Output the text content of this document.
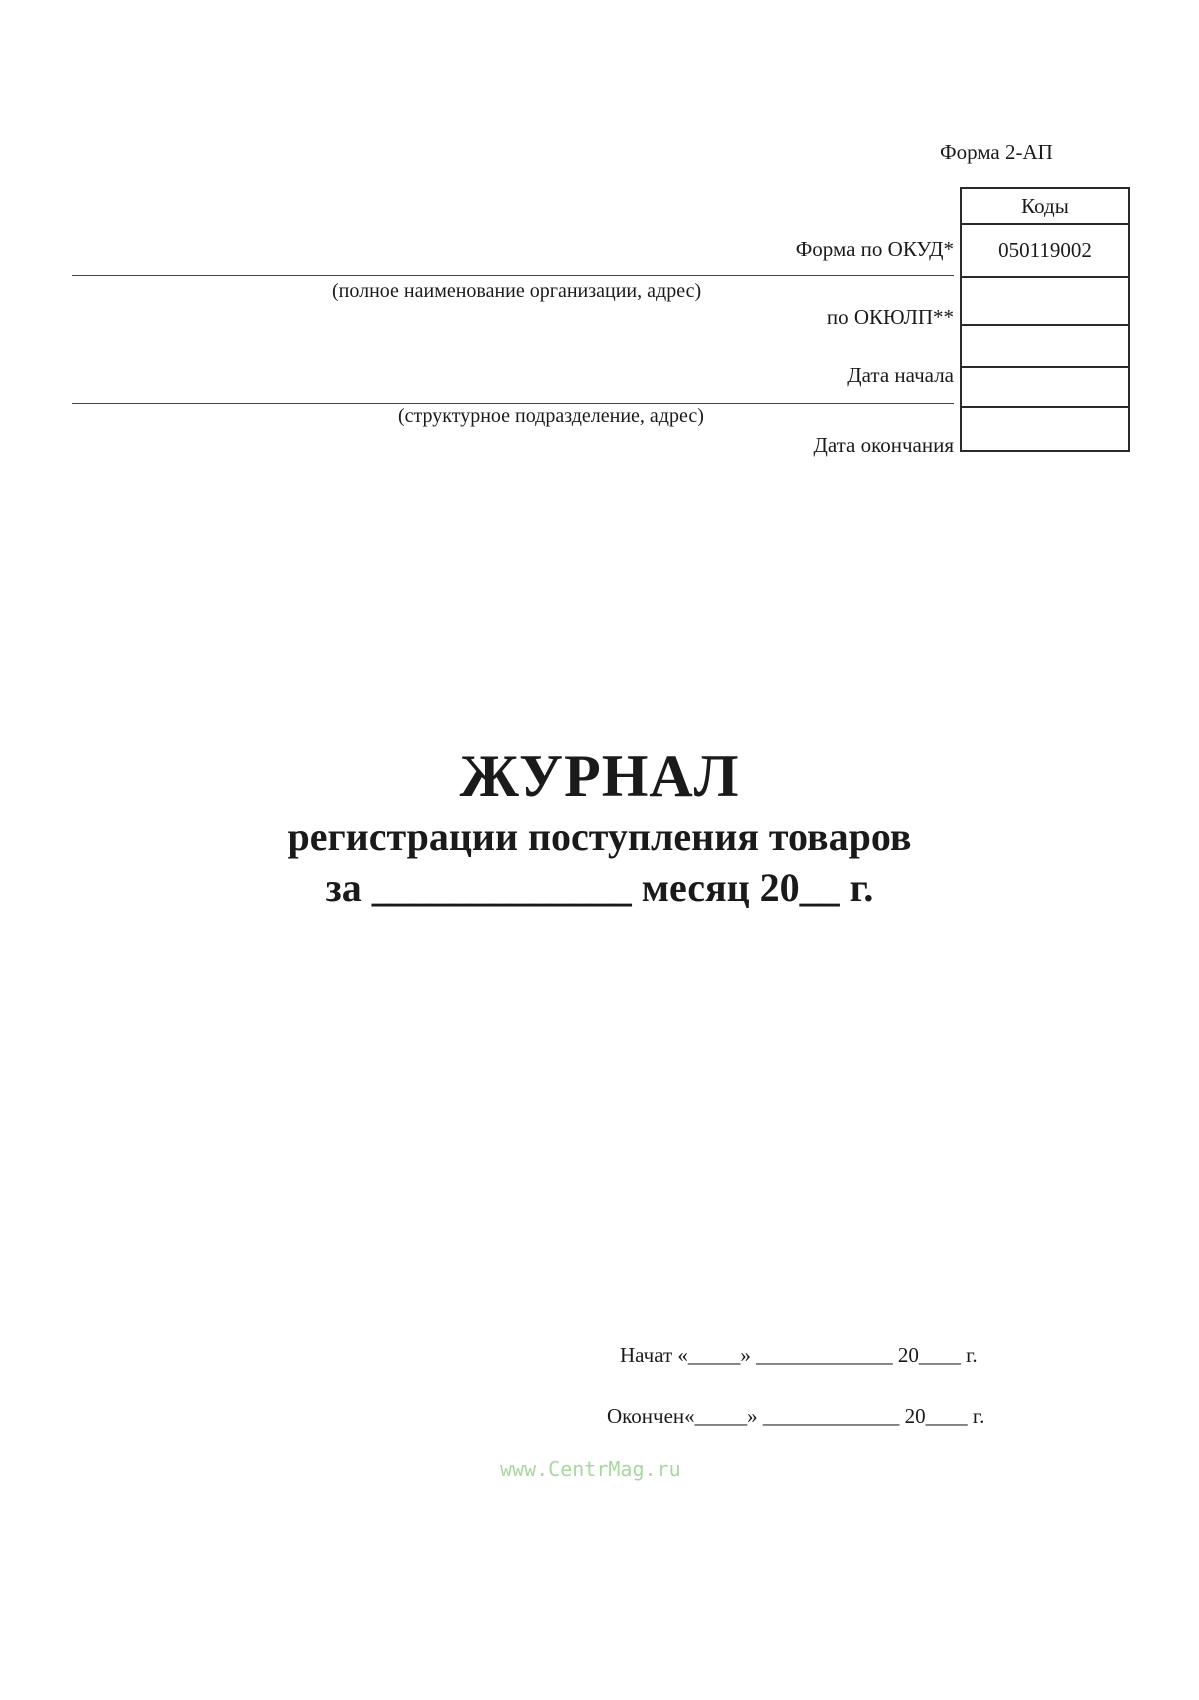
Форма 2-АП
Коды
050119002
Форма по ОКУД*
(полное наименование организации, адрес)
по ОКЮЛП**
Дата начала
(структурное подразделение, адрес)
Дата окончания
ЖУРНАЛ
регистрации поступления товаров
за _____________ месяц 20__ г.
Начат «_____» _____________ 20____ г.
Окончен«_____» _____________ 20____ г.
www.CentrMag.ru
